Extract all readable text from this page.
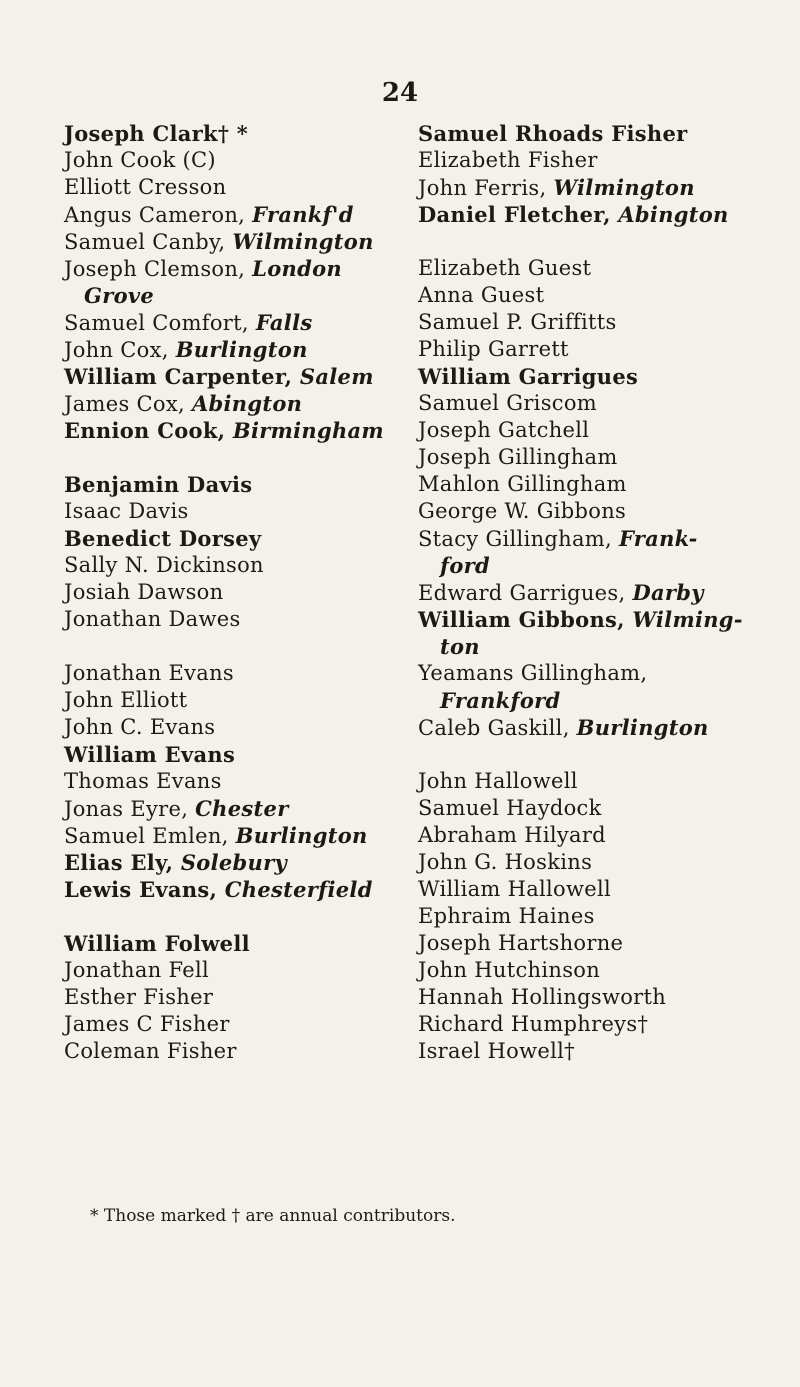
24
Joseph Clark† *
John Cook (C)
Elliott Cresson
Angus Cameron, Frankf'd
Samuel Canby, Wilmington
Joseph Clemson, London
Grove
Samuel Comfort, Falls
John Cox, Burlington
William Carpenter, Salem
James Cox, Abington
Ennion Cook, Birmingham
Benjamin Davis
Isaac Davis
Benedict Dorsey
Sally N. Dickinson
Josiah Dawson
Jonathan Dawes
Jonathan Evans
John Elliott
John C. Evans
William Evans
Thomas Evans
Jonas Eyre, Chester
Samuel Emlen, Burlington
Elias Ely, Solebury
Lewis Evans, Chesterfield
William Folwell
Jonathan Fell
Esther Fisher
James C Fisher
Coleman Fisher
Samuel Rhoads Fisher
Elizabeth Fisher
John Ferris, Wilmington
Daniel Fletcher, Abington
Elizabeth Guest
Anna Guest
Samuel P. Griffitts
Philip Garrett
William Garrigues
Samuel Griscom
Joseph Gatchell
Joseph Gillingham
Mahlon Gillingham
George W. Gibbons
Stacy Gillingham, Frank-
ford
Edward Garrigues, Darby
William Gibbons, Wilming-
ton
Yeamans Gillingham,
Frankford
Caleb Gaskill, Burlington
John Hallowell
Samuel Haydock
Abraham Hilyard
John G. Hoskins
William Hallowell
Ephraim Haines
Joseph Hartshorne
John Hutchinson
Hannah Hollingsworth
Richard Humphreys†
Israel Howell†
* Those marked † are annual contributors.
